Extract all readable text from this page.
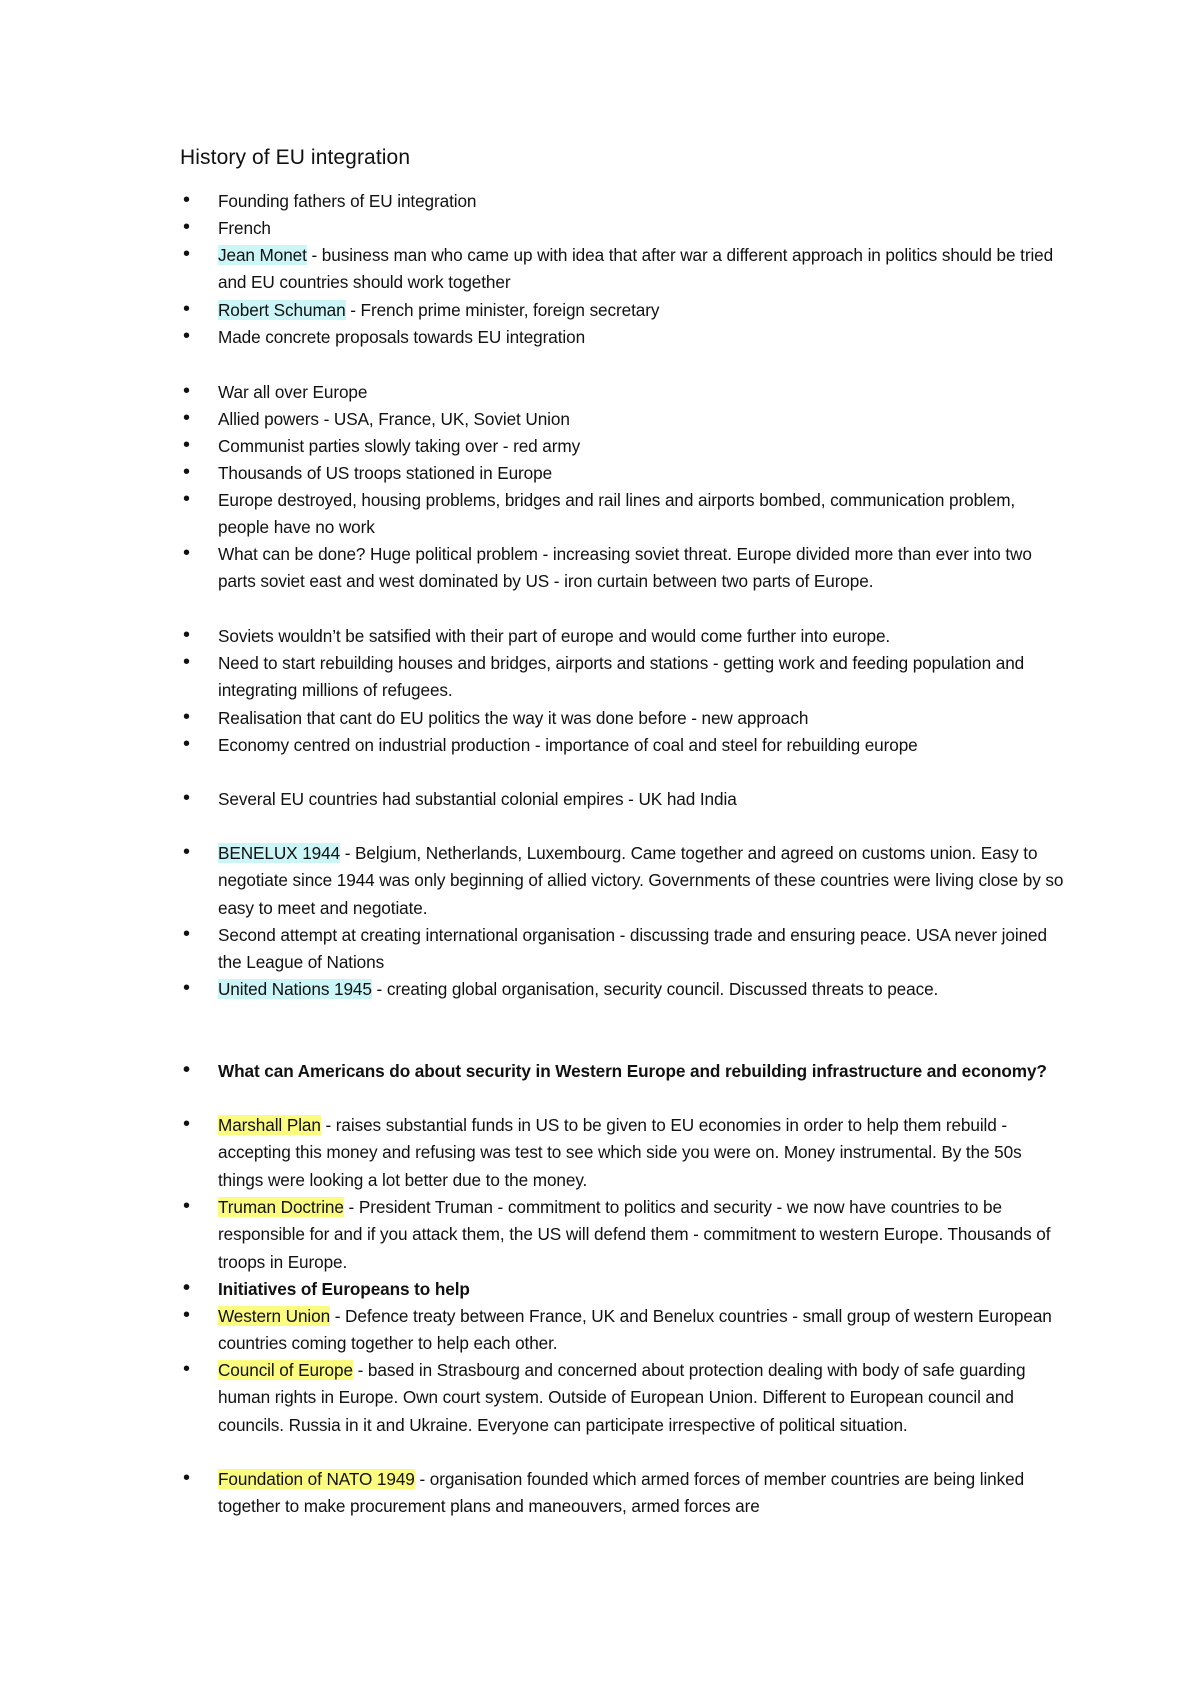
History of EU integration
• Founding fathers of EU integration
• French
• Jean Monet - business man who came up with idea that after war a different approach in politics should be tried and EU countries should work together
• Robert Schuman - French prime minister, foreign secretary
• Made concrete proposals towards EU integration
• War all over Europe
• Allied powers - USA, France, UK, Soviet Union
• Communist parties slowly taking over - red army
• Thousands of US troops stationed in Europe
• Europe destroyed, housing problems, bridges and rail lines and airports bombed, communication problem, people have no work
• What can be done? Huge political problem - increasing soviet threat. Europe divided more than ever into two parts soviet east and west dominated by US - iron curtain between two parts of Europe.
• Soviets wouldn’t be satsified with their part of europe and would come further into europe.
• Need to start rebuilding houses and bridges, airports and stations - getting work and feeding population and integrating millions of refugees.
• Realisation that cant do EU politics the way it was done before - new approach
• Economy centred on industrial production - importance of coal and steel for rebuilding europe
• Several EU countries had substantial colonial empires - UK had India
• BENELUX 1944 - Belgium, Netherlands, Luxembourg. Came together and agreed on customs union. Easy to negotiate since 1944 was only beginning of allied victory. Governments of these countries were living close by so easy to meet and negotiate.
• Second attempt at creating international organisation - discussing trade and ensuring peace. USA never joined the League of Nations
• United Nations 1945 - creating global organisation, security council. Discussed threats to peace.
• What can Americans do about security in Western Europe and rebuilding infrastructure and economy?
• Marshall Plan - raises substantial funds in US to be given to EU economies in order to help them rebuild - accepting this money and refusing was test to see which side you were on. Money instrumental. By the 50s things were looking a lot better due to the money.
• Truman Doctrine - President Truman - commitment to politics and security - we now have countries to be responsible for and if you attack them, the US will defend them - commitment to western Europe. Thousands of troops in Europe.
• Initiatives of Europeans to help
• Western Union - Defence treaty between France, UK and Benelux countries - small group of western European countries coming together to help each other.
• Council of Europe - based in Strasbourg and concerned about protection dealing with body of safe guarding human rights in Europe. Own court system. Outside of European Union. Different to European council and councils. Russia in it and Ukraine. Everyone can participate irrespective of political situation.
• Foundation of NATO 1949 - organisation founded which armed forces of member countries are being linked together to make procurement plans and maneouvers, armed forces are
